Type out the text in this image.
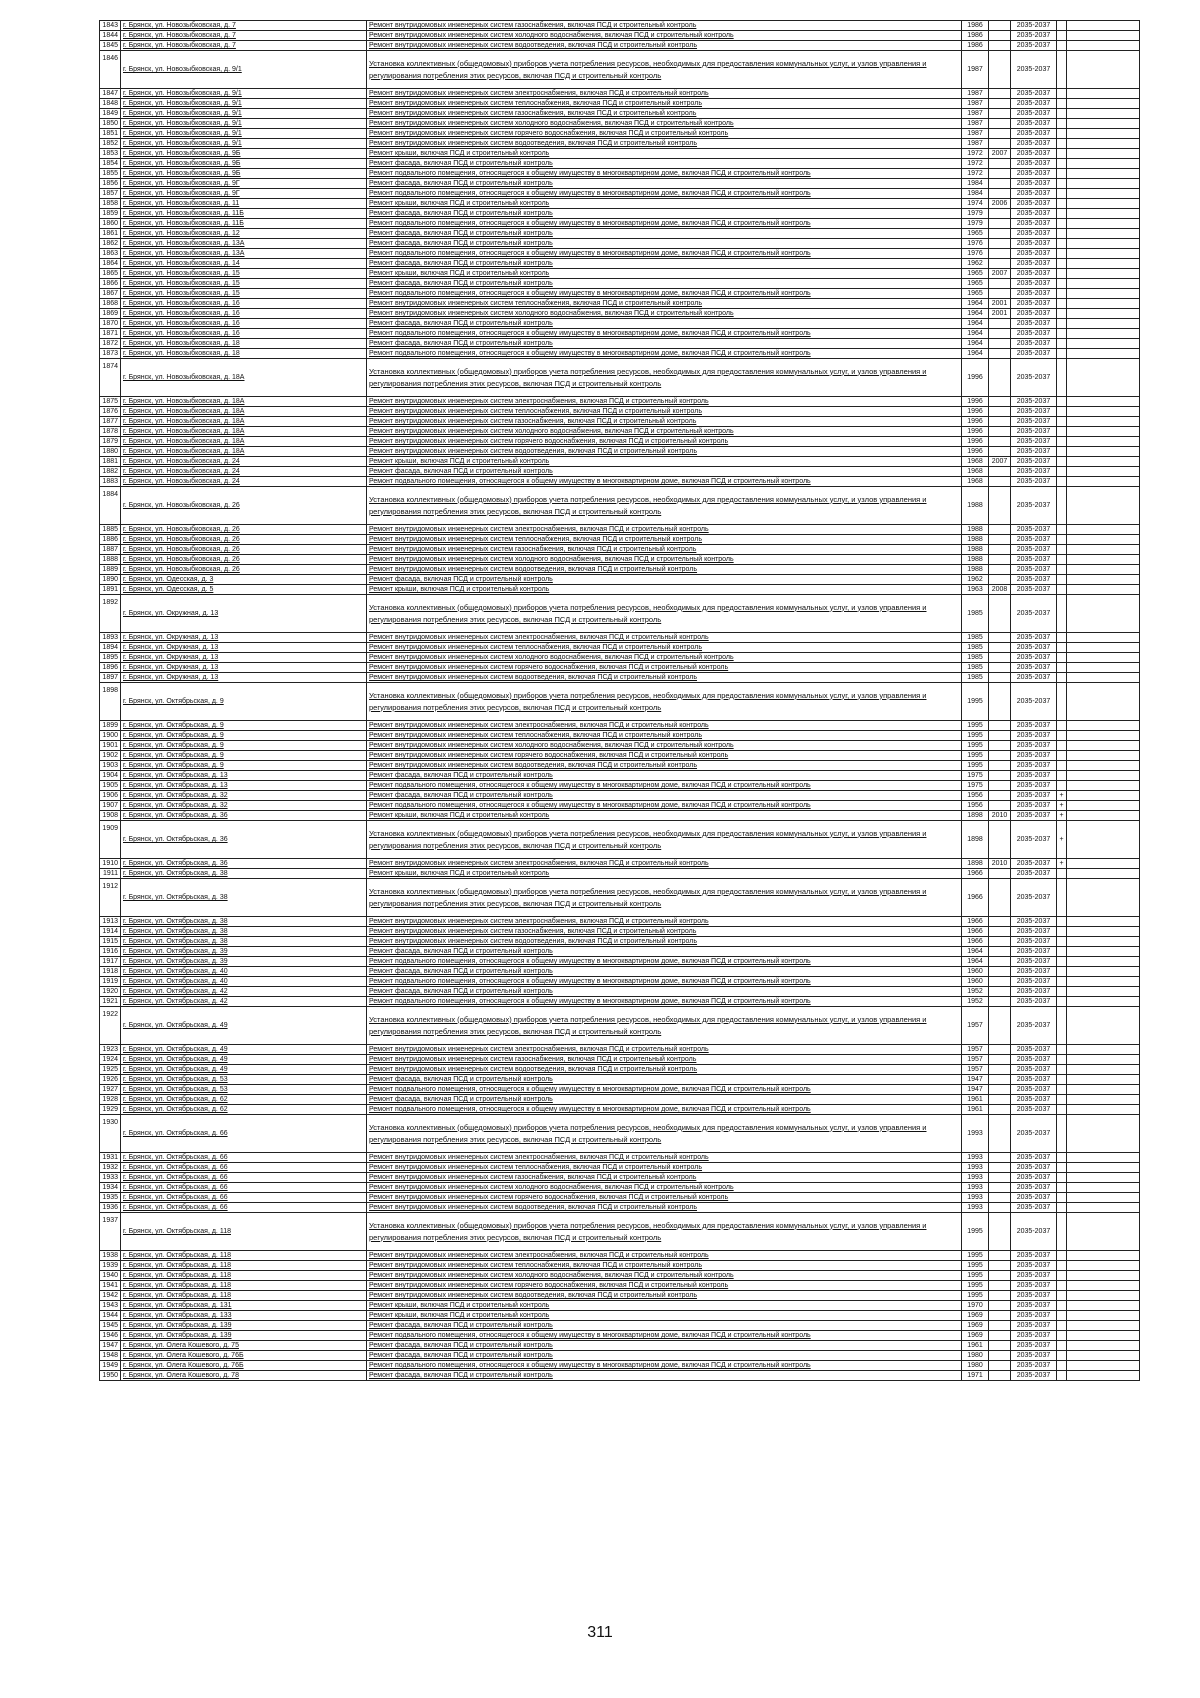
1843	г. Брянск, ул. Новозыбковская, д. 7	Ремонт внутридомовых инженерных систем газоснабжения, включая ПСД и строительный контроль	1986		2035-2037		
1844	г. Брянск, ул. Новозыбковская, д. 7	Ремонт внутридомовых инженерных систем холодного водоснабжения, включая ПСД и строительный контроль	1986		2035-2037		
1845	г. Брянск, ул. Новозыбковская, д. 7	Ремонт внутридомовых инженерных систем водоотведения, включая ПСД и строительный контроль	1986		2035-2037		
1846	г. Брянск, ул. Новозыбковская, д. 9/1	Установка коллективных (общедомовых) приборов учета потребления ресурсов, необходимых для предоставления коммунальных услуг, и узлов управления и регулирования потребления этих ресурсов, включая ПСД и строительный контроль	1987		2035-2037		
1847	г. Брянск, ул. Новозыбковская, д. 9/1	Ремонт внутридомовых инженерных систем электроснабжения, включая ПСД и строительный контроль	1987		2035-2037		
1848	г. Брянск, ул. Новозыбковская, д. 9/1	Ремонт внутридомовых инженерных систем теплоснабжения, включая ПСД и строительный контроль	1987		2035-2037		
1849	г. Брянск, ул. Новозыбковская, д. 9/1	Ремонт внутридомовых инженерных систем газоснабжения, включая ПСД и строительный контроль	1987		2035-2037		
1850	г. Брянск, ул. Новозыбковская, д. 9/1	Ремонт внутридомовых инженерных систем холодного водоснабжения, включая ПСД и строительный контроль	1987		2035-2037		
1851	г. Брянск, ул. Новозыбковская, д. 9/1	Ремонт внутридомовых инженерных систем горячего водоснабжения, включая ПСД и строительный контроль	1987		2035-2037		
1852	г. Брянск, ул. Новозыбковская, д. 9/1	Ремонт внутридомовых инженерных систем водоотведения, включая ПСД и строительный контроль	1987		2035-2037		
1853	г. Брянск, ул. Новозыбковская, д. 9Б	Ремонт крыши, включая ПСД и строительный контроль	1972	2007	2035-2037		
1854	г. Брянск, ул. Новозыбковская, д. 9Б	Ремонт фасада, включая ПСД и строительный контроль	1972		2035-2037		
1855	г. Брянск, ул. Новозыбковская, д. 9Б	Ремонт подвального помещения, относящегося к общему имуществу в многоквартирном доме, включая ПСД и строительный контроль	1972		2035-2037		
1856	г. Брянск, ул. Новозыбковская, д. 9Г	Ремонт фасада, включая ПСД и строительный контроль	1984		2035-2037		
1857	г. Брянск, ул. Новозыбковская, д. 9Г	Ремонт подвального помещения, относящегося к общему имуществу в многоквартирном доме, включая ПСД и строительный контроль	1984		2035-2037		
1858	г. Брянск, ул. Новозыбковская, д. 11	Ремонт крыши, включая ПСД и строительный контроль	1974	2006	2035-2037		
1859	г. Брянск, ул. Новозыбковская, д. 11Б	Ремонт фасада, включая ПСД и строительный контроль	1979		2035-2037		
1860	г. Брянск, ул. Новозыбковская, д. 11Б	Ремонт подвального помещения, относящегося к общему имуществу в многоквартирном доме, включая ПСД и строительный контроль	1979		2035-2037		
1861	г. Брянск, ул. Новозыбковская, д. 12	Ремонт фасада, включая ПСД и строительный контроль	1965		2035-2037		
1862	г. Брянск, ул. Новозыбковская, д. 13А	Ремонт фасада, включая ПСД и строительный контроль	1976		2035-2037		
1863	г. Брянск, ул. Новозыбковская, д. 13А	Ремонт подвального помещения, относящегося к общему имуществу в многоквартирном доме, включая ПСД и строительный контроль	1976		2035-2037		
1864	г. Брянск, ул. Новозыбковская, д. 14	Ремонт фасада, включая ПСД и строительный контроль	1962		2035-2037		
1865	г. Брянск, ул. Новозыбковская, д. 15	Ремонт крыши, включая ПСД и строительный контроль	1965	2007	2035-2037		
1866	г. Брянск, ул. Новозыбковская, д. 15	Ремонт фасада, включая ПСД и строительный контроль	1965		2035-2037		
1867	г. Брянск, ул. Новозыбковская, д. 15	Ремонт подвального помещения, относящегося к общему имуществу в многоквартирном доме, включая ПСД и строительный контроль	1965		2035-2037		
1868	г. Брянск, ул. Новозыбковская, д. 16	Ремонт внутридомовых инженерных систем теплоснабжения, включая ПСД и строительный контроль	1964	2001	2035-2037		
1869	г. Брянск, ул. Новозыбковская, д. 16	Ремонт внутридомовых инженерных систем холодного водоснабжения, включая ПСД и строительный контроль	1964	2001	2035-2037		
1870	г. Брянск, ул. Новозыбковская, д. 16	Ремонт фасада, включая ПСД и строительный контроль	1964		2035-2037		
1871	г. Брянск, ул. Новозыбковская, д. 16	Ремонт подвального помещения, относящегося к общему имуществу в многоквартирном доме, включая ПСД и строительный контроль	1964		2035-2037		
1872	г. Брянск, ул. Новозыбковская, д. 18	Ремонт фасада, включая ПСД и строительный контроль	1964		2035-2037		
1873	г. Брянск, ул. Новозыбковская, д. 18	Ремонт подвального помещения, относящегося к общему имуществу в многоквартирном доме, включая ПСД и строительный контроль	1964		2035-2037		
1874	г. Брянск, ул. Новозыбковская, д. 18А	Установка коллективных (общедомовых) приборов учета потребления ресурсов, необходимых для предоставления коммунальных услуг, и узлов управления и регулирования потребления этих ресурсов, включая ПСД и строительный контроль	1996		2035-2037		
1875	г. Брянск, ул. Новозыбковская, д. 18А	Ремонт внутридомовых инженерных систем электроснабжения, включая ПСД и строительный контроль	1996		2035-2037		
1876	г. Брянск, ул. Новозыбковская, д. 18А	Ремонт внутридомовых инженерных систем теплоснабжения, включая ПСД и строительный контроль	1996		2035-2037		
1877	г. Брянск, ул. Новозыбковская, д. 18А	Ремонт внутридомовых инженерных систем газоснабжения, включая ПСД и строительный контроль	1996		2035-2037		
1878	г. Брянск, ул. Новозыбковская, д. 18А	Ремонт внутридомовых инженерных систем холодного водоснабжения, включая ПСД и строительный контроль	1996		2035-2037		
1879	г. Брянск, ул. Новозыбковская, д. 18А	Ремонт внутридомовых инженерных систем горячего водоснабжения, включая ПСД и строительный контроль	1996		2035-2037		
1880	г. Брянск, ул. Новозыбковская, д. 18А	Ремонт внутридомовых инженерных систем водоотведения, включая ПСД и строительный контроль	1996		2035-2037		
1881	г. Брянск, ул. Новозыбковская, д. 24	Ремонт крыши, включая ПСД и строительный контроль	1968	2007	2035-2037		
1882	г. Брянск, ул. Новозыбковская, д. 24	Ремонт фасада, включая ПСД и строительный контроль	1968		2035-2037		
1883	г. Брянск, ул. Новозыбковская, д. 24	Ремонт подвального помещения, относящегося к общему имуществу в многоквартирном доме, включая ПСД и строительный контроль	1968		2035-2037		
1884	г. Брянск, ул. Новозыбковская, д. 26	Установка коллективных (общедомовых) приборов учета потребления ресурсов, необходимых для предоставления коммунальных услуг, и узлов управления и регулирования потребления этих ресурсов, включая ПСД и строительный контроль	1988		2035-2037		
1885	г. Брянск, ул. Новозыбковская, д. 26	Ремонт внутридомовых инженерных систем электроснабжения, включая ПСД и строительный контроль	1988		2035-2037		
1886	г. Брянск, ул. Новозыбковская, д. 26	Ремонт внутридомовых инженерных систем теплоснабжения, включая ПСД и строительный контроль	1988		2035-2037		
1887	г. Брянск, ул. Новозыбковская, д. 26	Ремонт внутридомовых инженерных систем газоснабжения, включая ПСД и строительный контроль	1988		2035-2037		
1888	г. Брянск, ул. Новозыбковская, д. 26	Ремонт внутридомовых инженерных систем холодного водоснабжения, включая ПСД и строительный контроль	1988		2035-2037		
1889	г. Брянск, ул. Новозыбковская, д. 26	Ремонт внутридомовых инженерных систем водоотведения, включая ПСД и строительный контроль	1988		2035-2037		
1890	г. Брянск, ул. Одесская, д. 3	Ремонт фасада, включая ПСД и строительный контроль	1962		2035-2037		
1891	г. Брянск, ул. Одесская, д. 5	Ремонт крыши, включая ПСД и строительный контроль	1963	2008	2035-2037		
1892	г. Брянск, ул. Окружная, д. 13	Установка коллективных (общедомовых) приборов учета потребления ресурсов, необходимых для предоставления коммунальных услуг, и узлов управления и регулирования потребления этих ресурсов, включая ПСД и строительный контроль	1985		2035-2037		
1893	г. Брянск, ул. Окружная, д. 13	Ремонт внутридомовых инженерных систем электроснабжения, включая ПСД и строительный контроль	1985		2035-2037		
1894	г. Брянск, ул. Окружная, д. 13	Ремонт внутридомовых инженерных систем теплоснабжения, включая ПСД и строительный контроль	1985		2035-2037		
1895	г. Брянск, ул. Окружная, д. 13	Ремонт внутридомовых инженерных систем холодного водоснабжения, включая ПСД и строительный контроль	1985		2035-2037		
1896	г. Брянск, ул. Окружная, д. 13	Ремонт внутридомовых инженерных систем горячего водоснабжения, включая ПСД и строительный контроль	1985		2035-2037		
1897	г. Брянск, ул. Окружная, д. 13	Ремонт внутридомовых инженерных систем водоотведения, включая ПСД и строительный контроль	1985		2035-2037		
1898	г. Брянск, ул. Октябрьская, д. 9	Установка коллективных (общедомовых) приборов учета потребления ресурсов, необходимых для предоставления коммунальных услуг, и узлов управления и регулирования потребления этих ресурсов, включая ПСД и строительный контроль	1995		2035-2037		
1899	г. Брянск, ул. Октябрьская, д. 9	Ремонт внутридомовых инженерных систем электроснабжения, включая ПСД и строительный контроль	1995		2035-2037		
1900	г. Брянск, ул. Октябрьская, д. 9	Ремонт внутридомовых инженерных систем теплоснабжения, включая ПСД и строительный контроль	1995		2035-2037		
1901	г. Брянск, ул. Октябрьская, д. 9	Ремонт внутридомовых инженерных систем холодного водоснабжения, включая ПСД и строительный контроль	1995		2035-2037		
1902	г. Брянск, ул. Октябрьская, д. 9	Ремонт внутридомовых инженерных систем горячего водоснабжения, включая ПСД и строительный контроль	1995		2035-2037		
1903	г. Брянск, ул. Октябрьская, д. 9	Ремонт внутридомовых инженерных систем водоотведения, включая ПСД и строительный контроль	1995		2035-2037		
1904	г. Брянск, ул. Октябрьская, д. 13	Ремонт фасада, включая ПСД и строительный контроль	1975		2035-2037		
1905	г. Брянск, ул. Октябрьская, д. 13	Ремонт подвального помещения, относящегося к общему имуществу в многоквартирном доме, включая ПСД и строительный контроль	1975		2035-2037		
1906	г. Брянск, ул. Октябрьская, д. 32	Ремонт фасада, включая ПСД и строительный контроль	1956		2035-2037	+	
1907	г. Брянск, ул. Октябрьская, д. 32	Ремонт подвального помещения, относящегося к общему имуществу в многоквартирном доме, включая ПСД и строительный контроль	1956		2035-2037	+	
1908	г. Брянск, ул. Октябрьская, д. 36	Ремонт крыши, включая ПСД и строительный контроль	1898	2010	2035-2037	+	
1909	г. Брянск, ул. Октябрьская, д. 36	Установка коллективных (общедомовых) приборов учета потребления ресурсов, необходимых для предоставления коммунальных услуг, и узлов управления и регулирования потребления этих ресурсов, включая ПСД и строительный контроль	1898		2035-2037	+	
1910	г. Брянск, ул. Октябрьская, д. 36	Ремонт внутридомовых инженерных систем электроснабжения, включая ПСД и строительный контроль	1898	2010	2035-2037	+	
1911	г. Брянск, ул. Октябрьская, д. 38	Ремонт крыши, включая ПСД и строительный контроль	1966		2035-2037		
1912	г. Брянск, ул. Октябрьская, д. 38	Установка коллективных (общедомовых) приборов учета потребления ресурсов, необходимых для предоставления коммунальных услуг, и узлов управления и регулирования потребления этих ресурсов, включая ПСД и строительный контроль	1966		2035-2037		
1913	г. Брянск, ул. Октябрьская, д. 38	Ремонт внутридомовых инженерных систем электроснабжения, включая ПСД и строительный контроль	1966		2035-2037		
1914	г. Брянск, ул. Октябрьская, д. 38	Ремонт внутридомовых инженерных систем газоснабжения, включая ПСД и строительный контроль	1966		2035-2037		
1915	г. Брянск, ул. Октябрьская, д. 38	Ремонт внутридомовых инженерных систем водоотведения, включая ПСД и строительный контроль	1966		2035-2037		
1916	г. Брянск, ул. Октябрьская, д. 39	Ремонт фасада, включая ПСД и строительный контроль	1964		2035-2037		
1917	г. Брянск, ул. Октябрьская, д. 39	Ремонт подвального помещения, относящегося к общему имуществу в многоквартирном доме, включая ПСД и строительный контроль	1964		2035-2037		
1918	г. Брянск, ул. Октябрьская, д. 40	Ремонт фасада, включая ПСД и строительный контроль	1960		2035-2037		
1919	г. Брянск, ул. Октябрьская, д. 40	Ремонт подвального помещения, относящегося к общему имуществу в многоквартирном доме, включая ПСД и строительный контроль	1960		2035-2037		
1920	г. Брянск, ул. Октябрьская, д. 42	Ремонт фасада, включая ПСД и строительный контроль	1952		2035-2037		
1921	г. Брянск, ул. Октябрьская, д. 42	Ремонт подвального помещения, относящегося к общему имуществу в многоквартирном доме, включая ПСД и строительный контроль	1952		2035-2037		
1922	г. Брянск, ул. Октябрьская, д. 49	Установка коллективных (общедомовых) приборов учета потребления ресурсов, необходимых для предоставления коммунальных услуг, и узлов управления и регулирования потребления этих ресурсов, включая ПСД и строительный контроль	1957		2035-2037		
1923	г. Брянск, ул. Октябрьская, д. 49	Ремонт внутридомовых инженерных систем электроснабжения, включая ПСД и строительный контроль	1957		2035-2037		
1924	г. Брянск, ул. Октябрьская, д. 49	Ремонт внутридомовых инженерных систем газоснабжения, включая ПСД и строительный контроль	1957		2035-2037		
1925	г. Брянск, ул. Октябрьская, д. 49	Ремонт внутридомовых инженерных систем водоотведения, включая ПСД и строительный контроль	1957		2035-2037		
1926	г. Брянск, ул. Октябрьская, д. 53	Ремонт фасада, включая ПСД и строительный контроль	1947		2035-2037		
1927	г. Брянск, ул. Октябрьская, д. 53	Ремонт подвального помещения, относящегося к общему имуществу в многоквартирном доме, включая ПСД и строительный контроль	1947		2035-2037		
1928	г. Брянск, ул. Октябрьская, д. 62	Ремонт фасада, включая ПСД и строительный контроль	1961		2035-2037		
1929	г. Брянск, ул. Октябрьская, д. 62	Ремонт подвального помещения, относящегося к общему имуществу в многоквартирном доме, включая ПСД и строительный контроль	1961		2035-2037		
1930	г. Брянск, ул. Октябрьская, д. 66	Установка коллективных (общедомовых) приборов учета потребления ресурсов, необходимых для предоставления коммунальных услуг, и узлов управления и регулирования потребления этих ресурсов, включая ПСД и строительный контроль	1993		2035-2037		
1931	г. Брянск, ул. Октябрьская, д. 66	Ремонт внутридомовых инженерных систем электроснабжения, включая ПСД и строительный контроль	1993		2035-2037		
1932	г. Брянск, ул. Октябрьская, д. 66	Ремонт внутридомовых инженерных систем теплоснабжения, включая ПСД и строительный контроль	1993		2035-2037		
1933	г. Брянск, ул. Октябрьская, д. 66	Ремонт внутридомовых инженерных систем газоснабжения, включая ПСД и строительный контроль	1993		2035-2037		
1934	г. Брянск, ул. Октябрьская, д. 66	Ремонт внутридомовых инженерных систем холодного водоснабжения, включая ПСД и строительный контроль	1993		2035-2037		
1935	г. Брянск, ул. Октябрьская, д. 66	Ремонт внутридомовых инженерных систем горячего водоснабжения, включая ПСД и строительный контроль	1993		2035-2037		
1936	г. Брянск, ул. Октябрьская, д. 66	Ремонт внутридомовых инженерных систем водоотведения, включая ПСД и строительный контроль	1993		2035-2037		
1937	г. Брянск, ул. Октябрьская, д. 118	Установка коллективных (общедомовых) приборов учета потребления ресурсов, необходимых для предоставления коммунальных услуг, и узлов управления и регулирования потребления этих ресурсов, включая ПСД и строительный контроль	1995		2035-2037		
1938	г. Брянск, ул. Октябрьская, д. 118	Ремонт внутридомовых инженерных систем электроснабжения, включая ПСД и строительный контроль	1995		2035-2037		
1939	г. Брянск, ул. Октябрьская, д. 118	Ремонт внутридомовых инженерных систем теплоснабжения, включая ПСД и строительный контроль	1995		2035-2037		
1940	г. Брянск, ул. Октябрьская, д. 118	Ремонт внутридомовых инженерных систем холодного водоснабжения, включая ПСД и строительный контроль	1995		2035-2037		
1941	г. Брянск, ул. Октябрьская, д. 118	Ремонт внутридомовых инженерных систем горячего водоснабжения, включая ПСД и строительный контроль	1995		2035-2037		
1942	г. Брянск, ул. Октябрьская, д. 118	Ремонт внутридомовых инженерных систем водоотведения, включая ПСД и строительный контроль	1995		2035-2037		
1943	г. Брянск, ул. Октябрьская, д. 131	Ремонт крыши, включая ПСД и строительный контроль	1970		2035-2037		
1944	г. Брянск, ул. Октябрьская, д. 133	Ремонт крыши, включая ПСД и строительный контроль	1969		2035-2037		
1945	г. Брянск, ул. Октябрьская, д. 139	Ремонт фасада, включая ПСД и строительный контроль	1969		2035-2037		
1946	г. Брянск, ул. Октябрьская, д. 139	Ремонт подвального помещения, относящегося к общему имуществу в многоквартирном доме, включая ПСД и строительный контроль	1969		2035-2037		
1947	г. Брянск, ул. Олега Кошевого, д. 75	Ремонт фасада, включая ПСД и строительный контроль	1961		2035-2037		
1948	г. Брянск, ул. Олега Кошевого, д. 76Б	Ремонт фасада, включая ПСД и строительный контроль	1980		2035-2037		
1949	г. Брянск, ул. Олега Кошевого, д. 76Б	Ремонт подвального помещения, относящегося к общему имуществу в многоквартирном доме, включая ПСД и строительный контроль	1980		2035-2037		
1950	г. Брянск, ул. Олега Кошевого, д. 78	Ремонт фасада, включая ПСД и строительный контроль	1971		2035-2037		
311
